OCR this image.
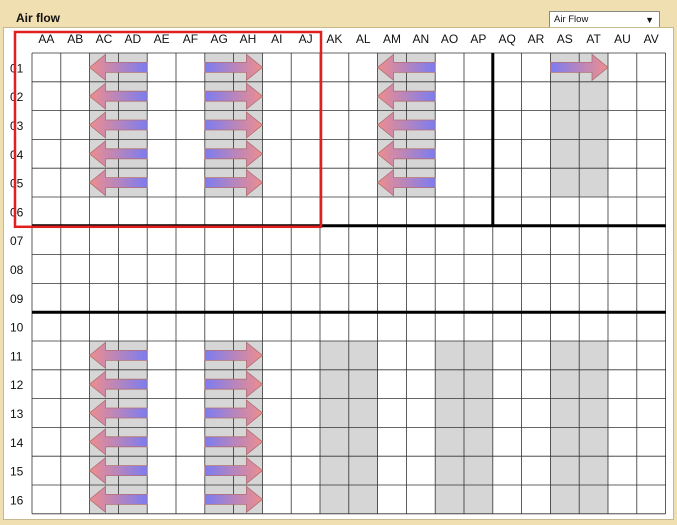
Air flow	Air Flow	▼
AA AB AC AD AE AF AG AH AI AJ AK AL AM AN AO AP AQ AR AS AT AU AV
01
02
03
04
05
06
07
08
09
10
11
12
13
14
15
16
